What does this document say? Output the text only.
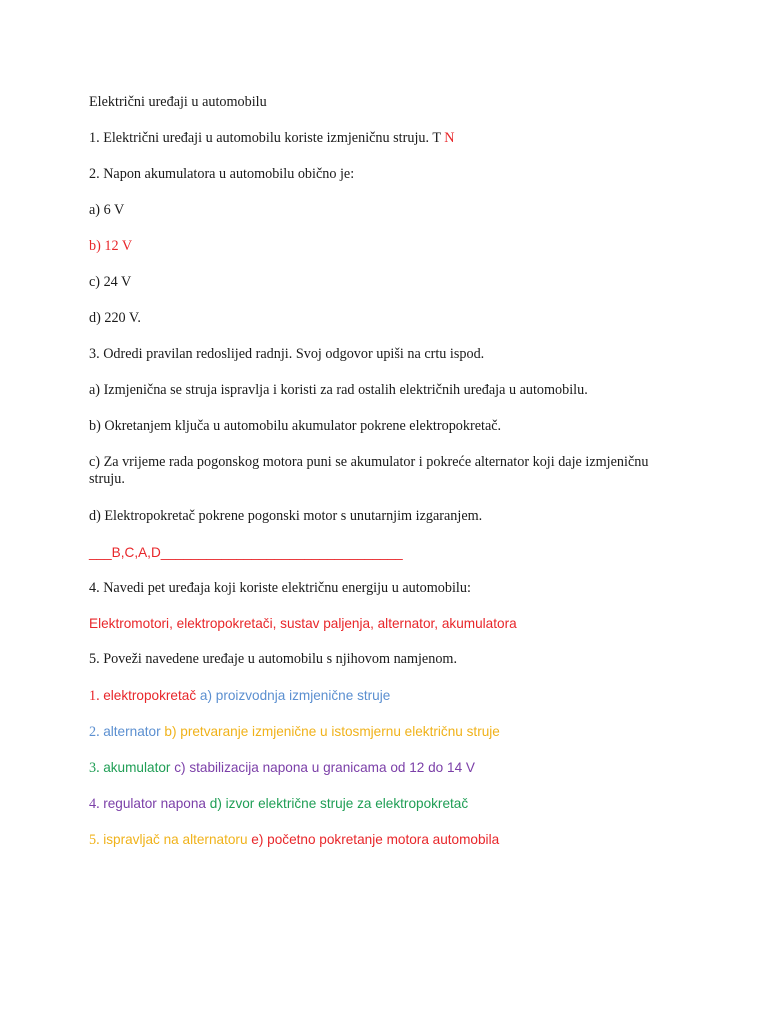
Električni uređaji u automobilu
1. Električni uređaji u automobilu koriste izmjeničnu struju. T N
2. Napon akumulatora u automobilu obično je:
a) 6 V
b) 12 V
c) 24 V
d) 220 V.
3. Odredi pravilan redoslijed radnji. Svoj odgovor upiši na crtu ispod.
a) Izmjenična se struja ispravlja i koristi za rad ostalih električnih uređaja u automobilu.
b) Okretanjem ključa u automobilu akumulator pokrene elektropokretač.
c) Za vrijeme rada pogonskog motora puni se akumulator i pokreće alternator koji daje izmjeničnu struju.
d) Elektropokretač pokrene pogonski motor s unutarnjim izgaranjem.
___B,C,A,D________________________________
4. Navedi pet uređaja koji koriste električnu energiju u automobilu:
Elektromotori, elektropokretači, sustav paljenja, alternator, akumulatora
5. Poveži navedene uređaje u automobilu s njihovom namjenom.
1. elektropokretač a) proizvodnja izmjenične struje
2. alternator b) pretvaranje izmjenične u istosmjernu električnu struje
3. akumulator c) stabilizacija napona u granicama od 12 do 14 V
4. regulator napona d) izvor električne struje za elektropokretač
5. ispravljač na alternatoru e) početno pokretanje motora automobila
